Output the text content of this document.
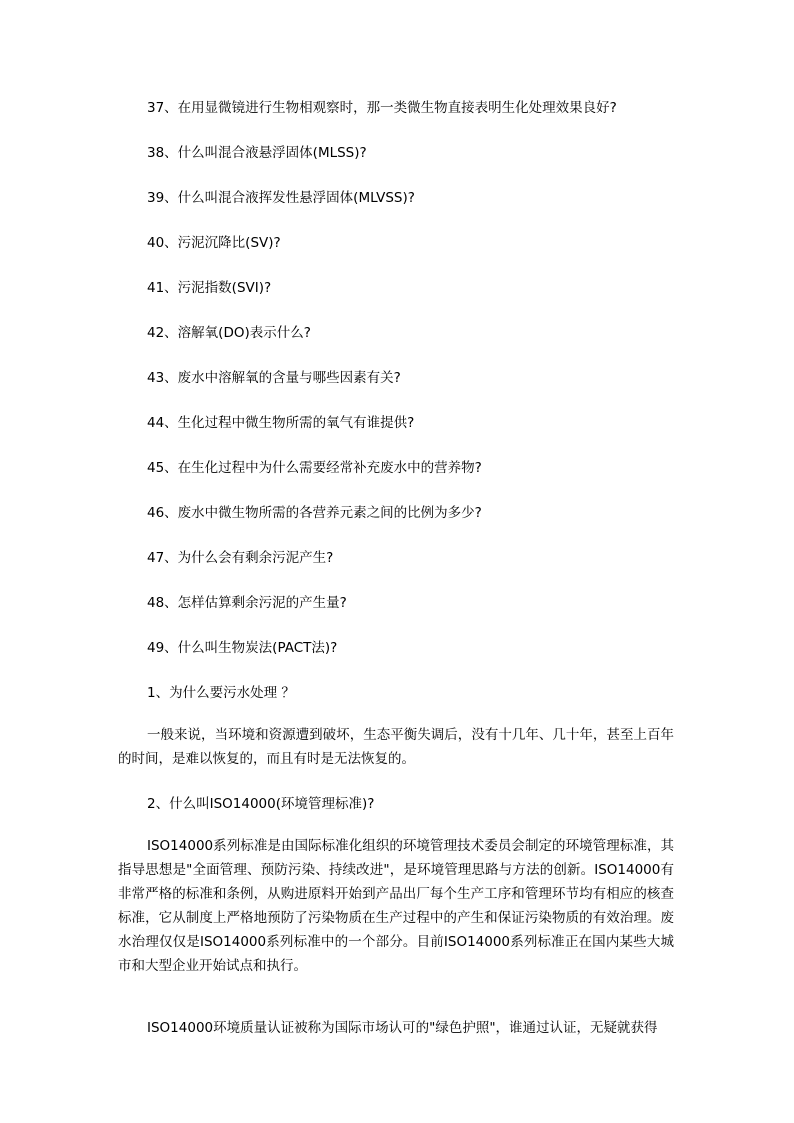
37、在用显微镜进行生物相观察时，那一类微生物直接表明生化处理效果良好?
38、什么叫混合液悬浮固体(MLSS)?
39、什么叫混合液挥发性悬浮固体(MLVSS)?
40、污泥沉降比(SV)?
41、污泥指数(SVI)?
42、溶解氧(DO)表示什么?
43、废水中溶解氧的含量与哪些因素有关?
44、生化过程中微生物所需的氧气有谁提供?
45、在生化过程中为什么需要经常补充废水中的营养物?
46、废水中微生物所需的各营养元素之间的比例为多少?
47、为什么会有剩余污泥产生?
48、怎样估算剩余污泥的产生量?
49、什么叫生物炭法(PACT法)?
1、为什么要污水处理 ？

一般来说，当环境和资源遭到破坏，生态平衡失调后，没有十几年、几十年，甚至上百年的时间，是难以恢复的，而且有时是无法恢复的。

2、什么叫ISO14000(环境管理标准)?

ISO14000系列标准是由国际标准化组织的环境管理技术委员会制定的环境管理标准，其指导思想是"全面管理、预防污染、持续改进"，是环境管理思路与方法的创新。ISO14000有非常严格的标准和条例，从购进原料开始到产品出厂每个生产工序和管理环节均有相应的核查标准，它从制度上严格地预防了污染物质在生产过程中的产生和保证污染物质的有效治理。废水治理仅仅是ISO14000系列标准中的一个部分。目前ISO14000系列标准正在国内某些大城市和大型企业开始试点和执行。

ISO14000环境质量认证被称为国际市场认可的"绿色护照"，谁通过认证，无疑就获得
